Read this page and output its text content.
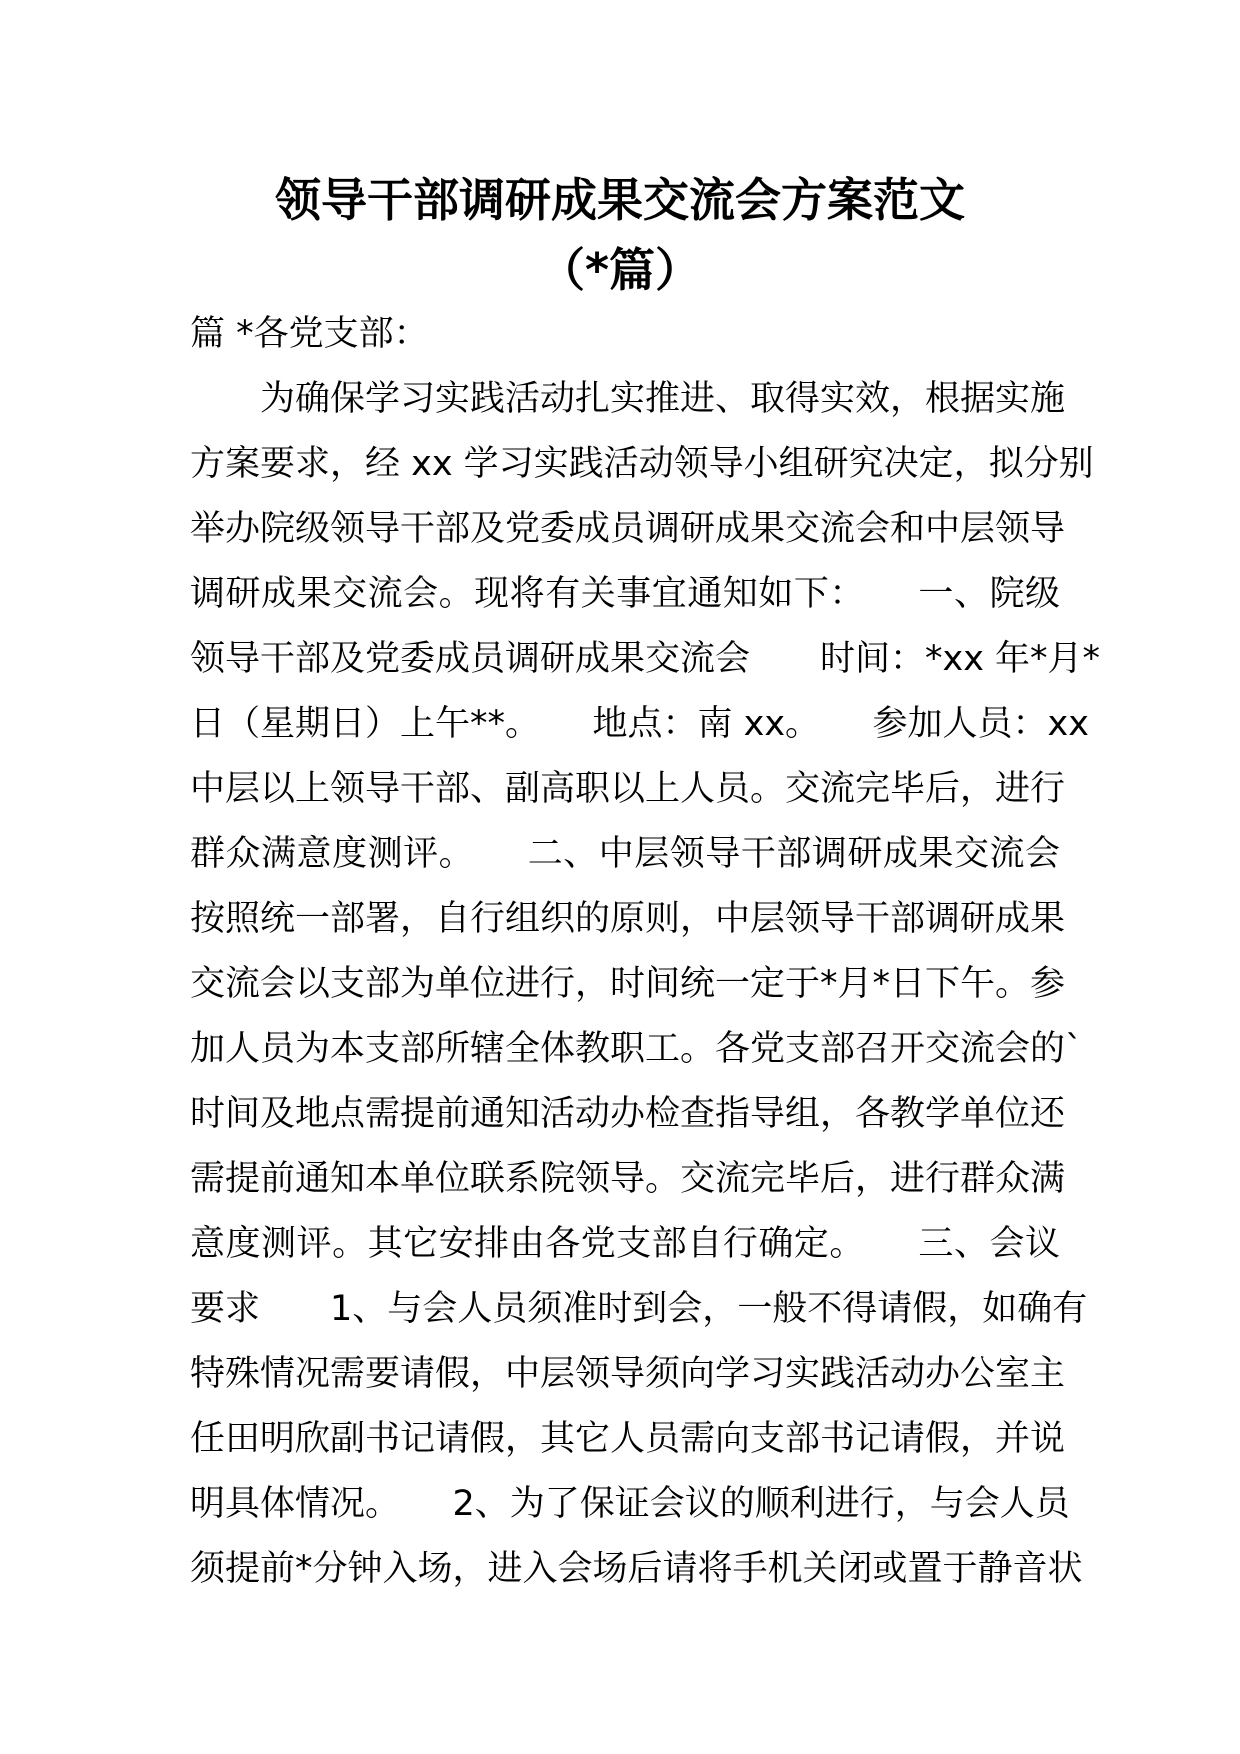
领导干部调研成果交流会方案范文
（*篇）
篇 *各党支部：
　　为确保学习实践活动扎实推进、取得实效，根据实施
方案要求，经 xx 学习实践活动领导小组研究决定，拟分别
举办院级领导干部及党委成员调研成果交流会和中层领导
调研成果交流会。现将有关事宜通知如下：　　一、院级
领导干部及党委成员调研成果交流会　　时间：*xx 年*月*
日（星期日）上午**。　　地点：南 xx。　　参加人员：xx
中层以上领导干部、副高职以上人员。交流完毕后，进行
群众满意度测评。　　二、中层领导干部调研成果交流会
按照统一部署，自行组织的原则，中层领导干部调研成果
交流会以支部为单位进行，时间统一定于*月*日下午。参
加人员为本支部所辖全体教职工。各党支部召开交流会的`
时间及地点需提前通知活动办检查指导组，各教学单位还
需提前通知本单位联系院领导。交流完毕后，进行群众满
意度测评。其它安排由各党支部自行确定。　　三、会议
要求　　1、与会人员须准时到会，一般不得请假，如确有
特殊情况需要请假，中层领导须向学习实践活动办公室主
任田明欣副书记请假，其它人员需向支部书记请假，并说
明具体情况。　　2、为了保证会议的顺利进行，与会人员
须提前*分钟入场，进入会场后请将手机关闭或置于静音状
